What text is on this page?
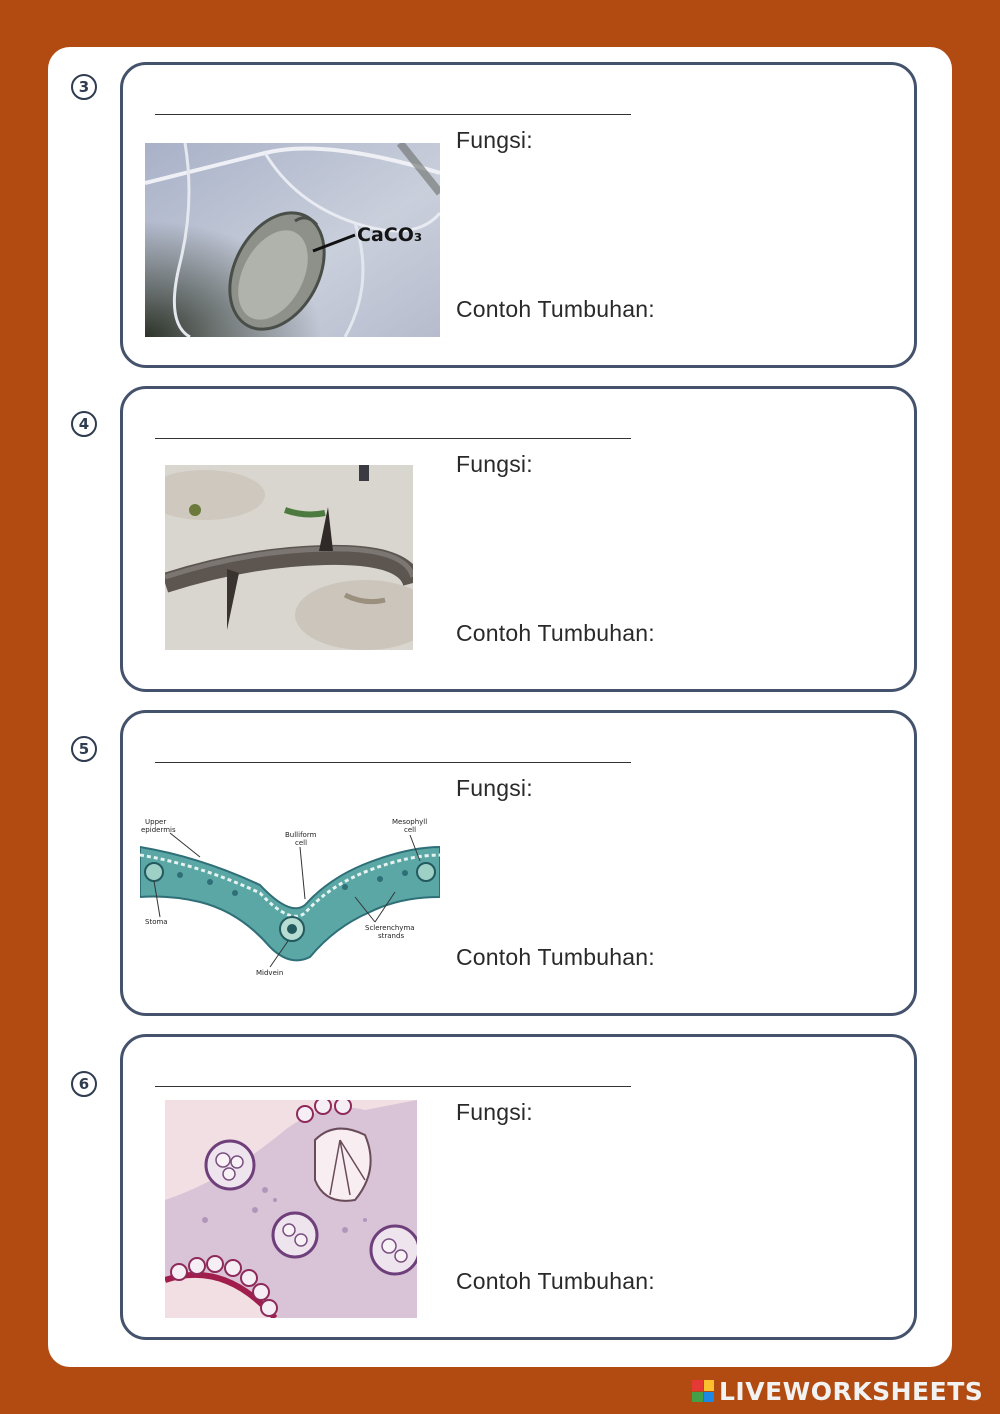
3
CaCO₃
Fungsi:
Contoh Tumbuhan:
4
Fungsi:
Contoh Tumbuhan:
5
Upper
epidermis
Bulliform
cell
Mesophyll
cell
Stoma
Sclerenchyma
strands
Midvein
Fungsi:
Contoh Tumbuhan:
6
Fungsi:
Contoh Tumbuhan:
LIVEWORKSHEETS
